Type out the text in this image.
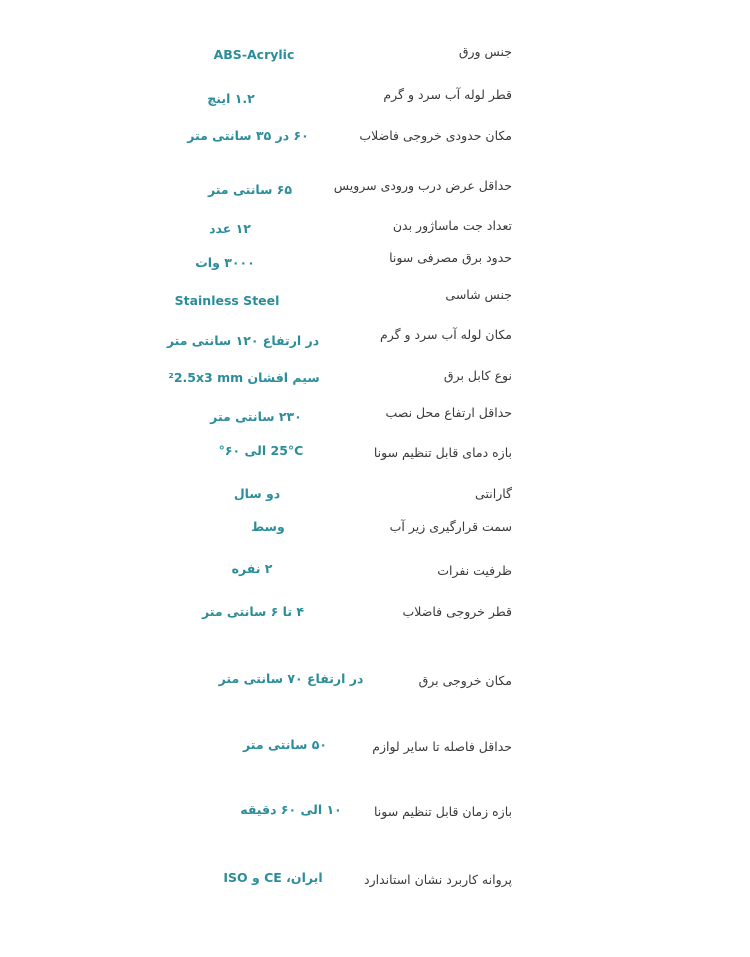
جنس ورق
ABS-Acrylic
قطر لوله آب سرد و گرم
۱.۲ اینچ
مکان حدودی خروجی فاضلاب
۶۰ در ۳۵ سانتی متر
حداقل عرض درب ورودی سرویس
۶۵ سانتی متر
تعداد جت ماساژور بدن
۱۲ عدد
حدود برق مصرفی سونا
۳۰۰۰ وات
جنس شاسی
Stainless Steel
مکان لوله آب سرد و گرم
در ارتفاع ۱۲۰ سانتی متر
نوع کابل برق
سیم افشان ²2.5x3 mm
حداقل ارتفاع محل نصب
۲۳۰ سانتی متر
بازه دمای قابل تنظیم سونا
25°C الی ۶۰°
گارانتی
دو سال
سمت قرارگیری زیر آب
وسط
ظرفیت نفرات
۲ نفره
قطر خروجی فاضلاب
۴ تا ۶ سانتی متر
مکان خروجی برق
در ارتفاع ۷۰ سانتی متر
حداقل فاصله تا سایر لوازم
۵۰ سانتی متر
بازه زمان قابل تنظیم سونا
۱۰ الی ۶۰ دقیقه
پروانه کاربرد نشان استاندارد
ایران، CE و ISO
